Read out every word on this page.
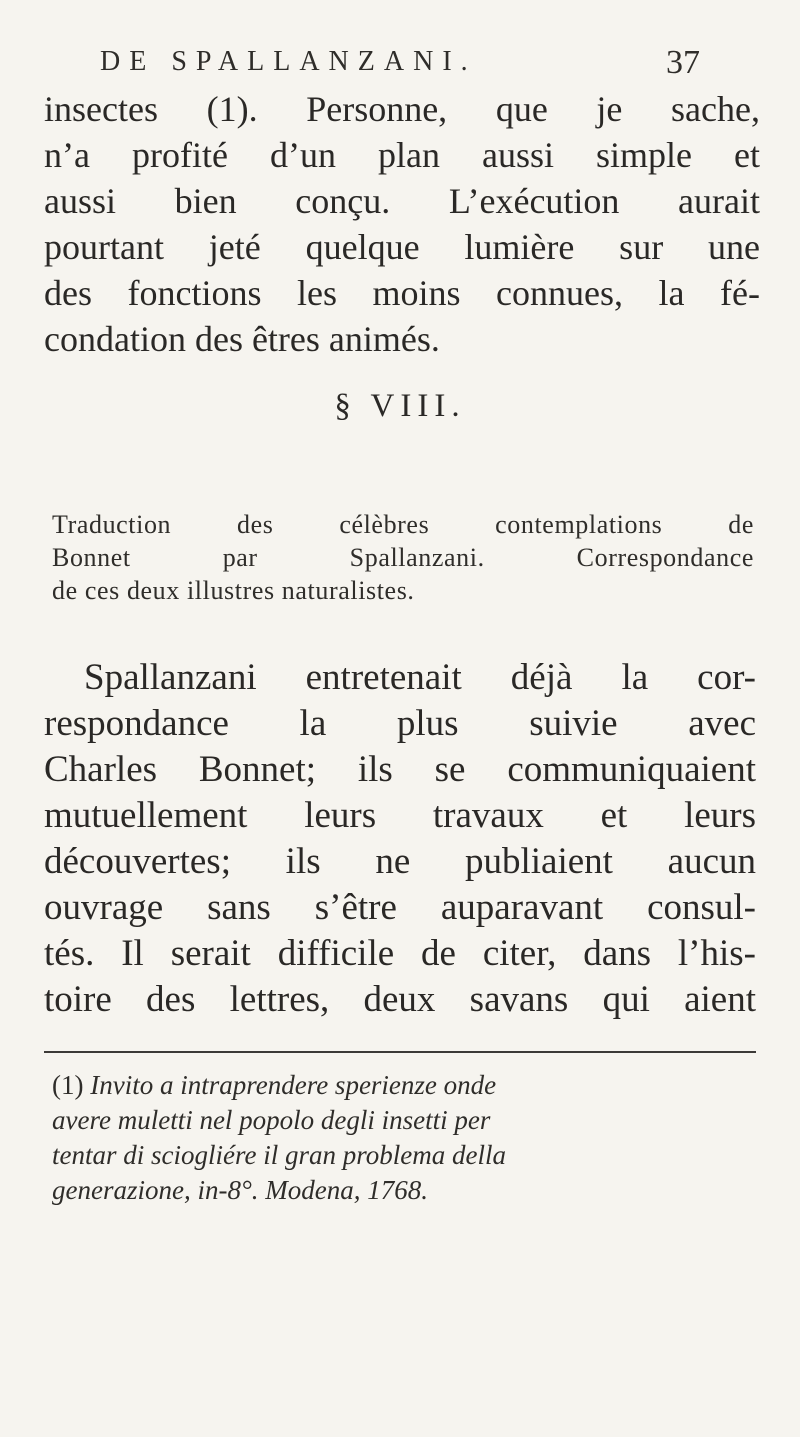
DE SPALLANZANI.	37
insectes (1). Personne, que je sache,
n’a profité d’un plan aussi simple et
aussi bien conçu. L’exécution aurait
pourtant jeté quelque lumière sur une
des fonctions les moins connues, la fé-
condation des êtres animés.
§ VIII.
Traduction des célèbres contemplations de
Bonnet par Spallanzani. Correspondance
de ces deux illustres naturalistes.
Spallanzani entretenait déjà la cor-
respondance la plus suivie avec
Charles Bonnet; ils se communiquaient
mutuellement leurs travaux et leurs
découvertes; ils ne publiaient aucun
ouvrage sans s’être auparavant consul-
tés. Il serait difficile de citer, dans l’his-
toire des lettres, deux savans qui aient
(1) Invito a intraprendere sperienze onde
avere muletti nel popolo degli insetti per
tentar di sciogliére il gran problema della
generazione, in-8°. Modena, 1768.
